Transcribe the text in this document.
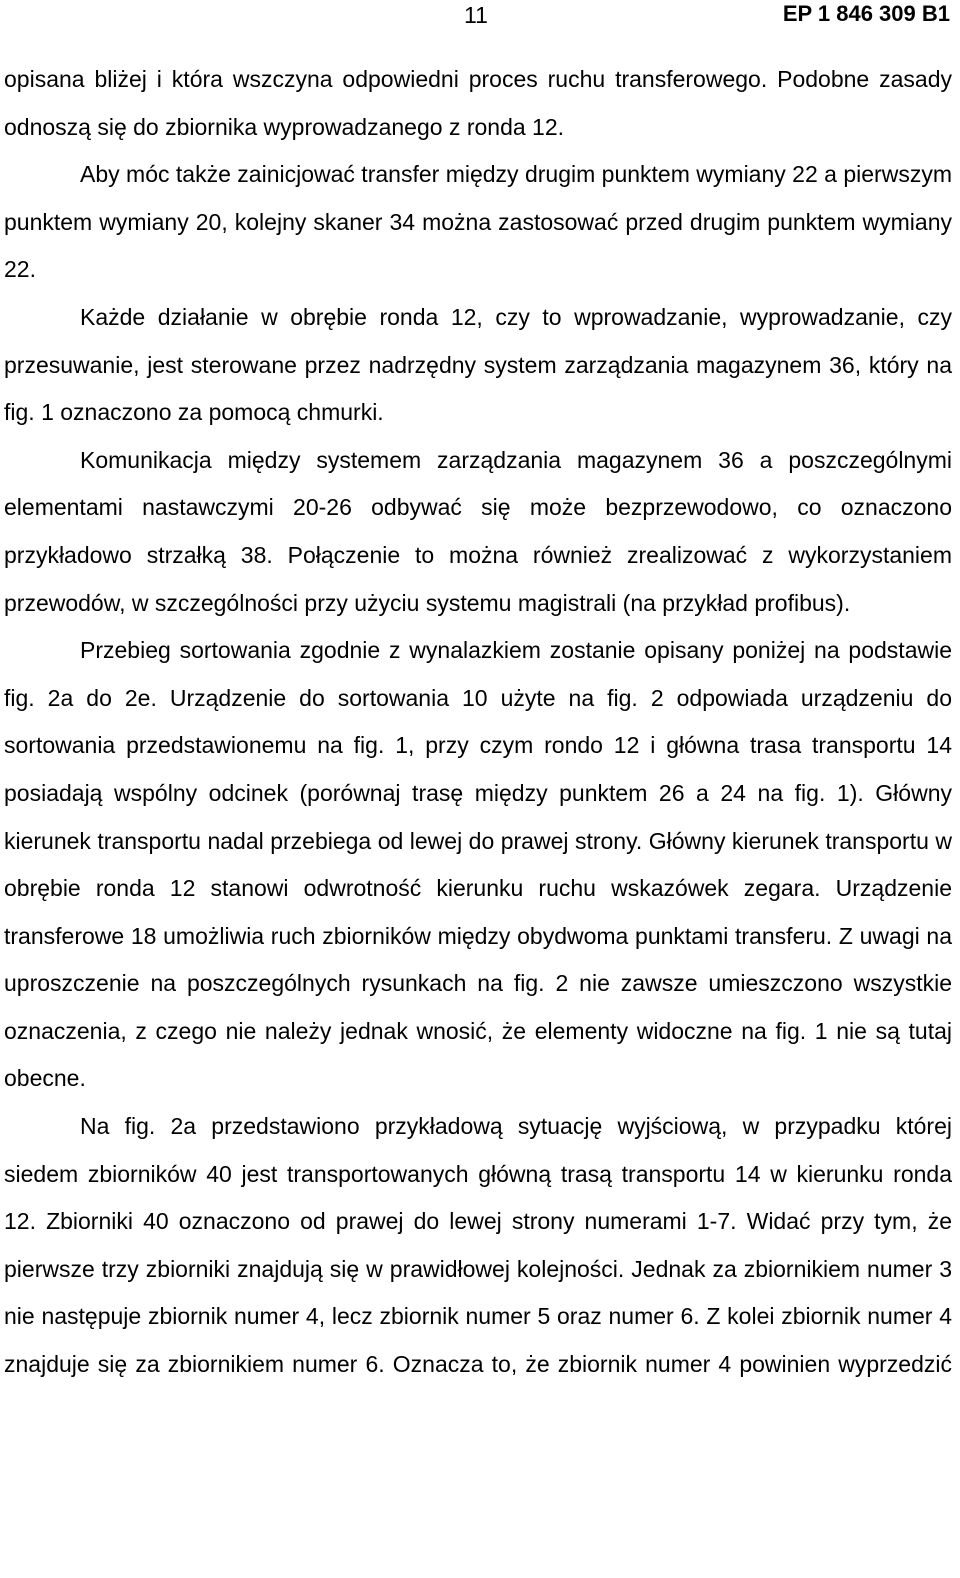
11	EP 1 846 309 B1

opisana bliżej i która wszczyna odpowiedni proces ruchu transferowego. Podobne zasady odnoszą się do zbiornika wyprowadzanego z ronda 12.

Aby móc także zainicjować transfer między drugim punktem wymiany 22 a pierwszym punktem wymiany 20, kolejny skaner 34 można zastosować przed drugim punktem wymiany 22.

Każde działanie w obrębie ronda 12, czy to wprowadzanie, wyprowadzanie, czy przesuwanie, jest sterowane przez nadrzędny system zarządzania magazynem 36, który na fig. 1 oznaczono za pomocą chmurki.

Komunikacja między systemem zarządzania magazynem 36 a poszczególnymi elementami nastawczymi 20-26 odbywać się może bezprzewodowo, co oznaczono przykładowo strzałką 38. Połączenie to można również zrealizować z wykorzystaniem przewodów, w szczególności przy użyciu systemu magistrali (na przykład profibus).

Przebieg sortowania zgodnie z wynalazkiem zostanie opisany poniżej na podstawie fig. 2a do 2e. Urządzenie do sortowania 10 użyte na fig. 2 odpowiada urządzeniu do sortowania przedstawionemu na fig. 1, przy czym rondo 12 i główna trasa transportu 14 posiadają wspólny odcinek (porównaj trasę między punktem 26 a 24 na fig. 1). Główny kierunek transportu nadal przebiega od lewej do prawej strony. Główny kierunek transportu w obrębie ronda 12 stanowi odwrotność kierunku ruchu wskazówek zegara. Urządzenie transferowe 18 umożliwia ruch zbiorników między obydwoma punktami transferu. Z uwagi na uproszczenie na poszczególnych rysunkach na fig. 2 nie zawsze umieszczono wszystkie oznaczenia, z czego nie należy jednak wnosić, że elementy widoczne na fig. 1 nie są tutaj obecne.

Na fig. 2a przedstawiono przykładową sytuację wyjściową, w przypadku której siedem zbiorników 40 jest transportowanych główną trasą transportu 14 w kierunku ronda 12. Zbiorniki 40 oznaczono od prawej do lewej strony numerami 1-7. Widać przy tym, że pierwsze trzy zbiorniki znajdują się w prawidłowej kolejności. Jednak za zbiornikiem numer 3 nie następuje zbiornik numer 4, lecz zbiornik numer 5 oraz numer 6. Z kolei zbiornik numer 4 znajduje się za zbiornikiem numer 6. Oznacza to, że zbiornik numer 4 powinien wyprzedzić
